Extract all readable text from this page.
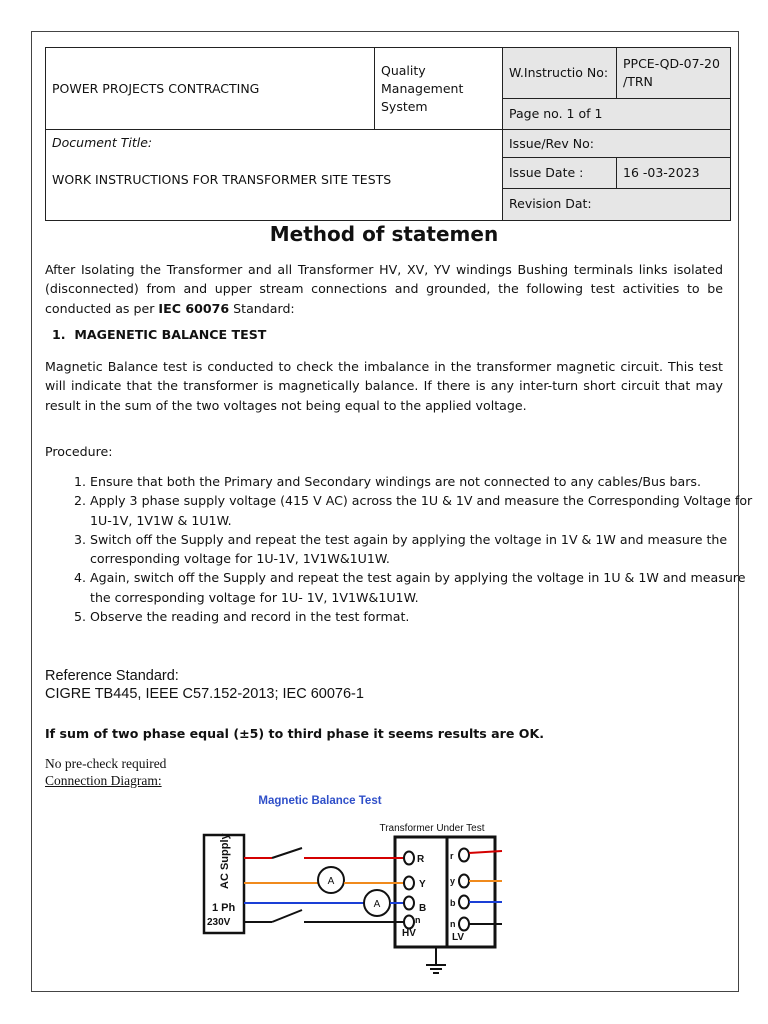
POWER PROJECTS CONTRACTING	Quality Management System	W.Instructio No:	PPCE-QD-07-20 /TRN
		Page no. 1 of 1	

Document Title:
WORK INSTRUCTIONS FOR TRANSFORMER SITE TESTS		Issue/Rev No:	
		Issue Date :	16 -03-2023
		Revision Dat:	
Method of statemen
After Isolating the Transformer and all Transformer HV, XV, YV windings Bushing terminals links isolated (disconnected) from and upper stream connections and grounded, the following test activities to be conducted as per IEC 60076 Standard:
1. MAGENETIC BALANCE TEST
Magnetic Balance test is conducted to check the imbalance in the transformer magnetic circuit. This test will indicate that the transformer is magnetically balance. If there is any inter-turn short circuit that may result in the sum of the two voltages not being equal to the applied voltage.
Procedure:
1. Ensure that both the Primary and Secondary windings are not connected to any cables/Bus bars.
2. Apply 3 phase supply voltage (415 V AC) across the 1U & 1V and measure the Corresponding Voltage for 1U-1V, 1V1W & 1U1W.
3. Switch off the Supply and repeat the test again by applying the voltage in 1V & 1W and measure the corresponding voltage for 1U-1V, 1V1W&1U1W.
4. Again, switch off the Supply and repeat the test again by applying the voltage in 1U & 1W and measure the corresponding voltage for 1U- 1V, 1V1W&1U1W.
5. Observe the reading and record in the test format.
Reference Standard:
CIGRE TB445, IEEE C57.152-2013; IEC 60076-1
If sum of two phase equal (±5) to third phase it seems results are OK.
No pre-check required
Connection Diagram:
Magnetic Balance Test
Transformer Under Test
AC Supply
1 Ph
230V
A
A
R
Y
B
n
HV
r
y
b
n
LV
